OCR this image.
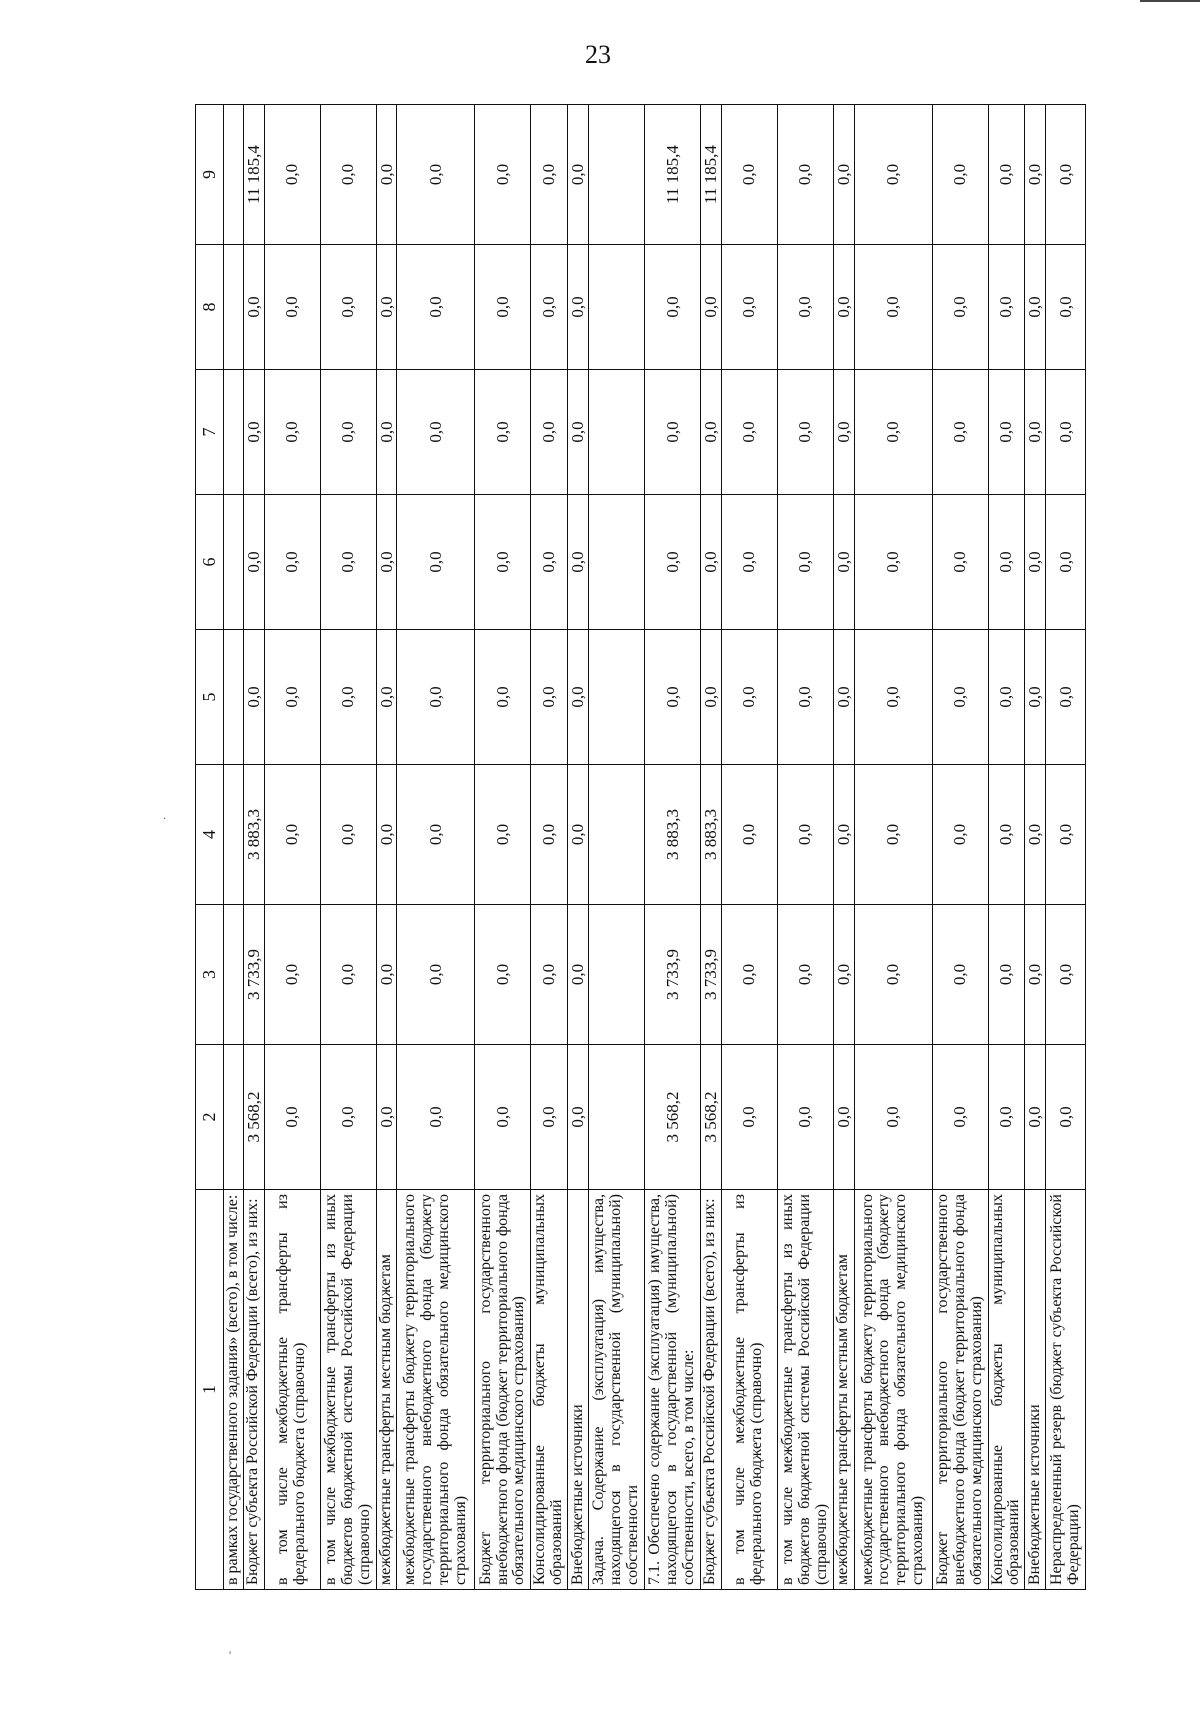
23
.
'
1	2	3	4	5	6	7	8	9
в рамках государственного задания» (всего), в том числе:								
Бюджет субъекта Российской Федерации (всего), из них:	3 568,2	3 733,9	3 883,3	0,0	0,0	0,0	0,0	11 185,4
в том числе межбюджетные трансферты из федерального бюджета (справочно)	0,0	0,0	0,0	0,0	0,0	0,0	0,0	0,0
в том числе межбюджетные трансферты из иных бюджетов бюджетной системы Российской Федерации (справочно)	0,0	0,0	0,0	0,0	0,0	0,0	0,0	0,0
межбюджетные трансферты местным бюджетам	0,0	0,0	0,0	0,0	0,0	0,0	0,0	0,0
межбюджетные трансферты бюджету территориального государственного внебюджетного фонда (бюджету территориального фонда обязательного медицинского страхования)	0,0	0,0	0,0	0,0	0,0	0,0	0,0	0,0
Бюджет территориального государственного внебюджетного фонда (бюджет территориального фонда обязательного медицинского страхования)	0,0	0,0	0,0	0,0	0,0	0,0	0,0	0,0
Консолидированные бюджеты муниципальных образований	0,0	0,0	0,0	0,0	0,0	0,0	0,0	0,0
Внебюджетные источники	0,0	0,0	0,0	0,0	0,0	0,0	0,0	0,0
Задача. Содержание (эксплуатация) имущества, находящегося в государственной (муниципальной) собственности								
7.1. Обеспечено содержание (эксплуатация) имущества, находящегося в государственной (муниципальной) собственности, всего, в том числе:	3 568,2	3 733,9	3 883,3	0,0	0,0	0,0	0,0	11 185,4
Бюджет субъекта Российской Федерации (всего), из них:	3 568,2	3 733,9	3 883,3	0,0	0,0	0,0	0,0	11 185,4
в том числе межбюджетные трансферты из федерального бюджета (справочно)	0,0	0,0	0,0	0,0	0,0	0,0	0,0	0,0
в том числе межбюджетные трансферты из иных бюджетов бюджетной системы Российской Федерации (справочно)	0,0	0,0	0,0	0,0	0,0	0,0	0,0	0,0
межбюджетные трансферты местным бюджетам	0,0	0,0	0,0	0,0	0,0	0,0	0,0	0,0
межбюджетные трансферты бюджету территориального государственного внебюджетного фонда (бюджету территориального фонда обязательного медицинского страхования)	0,0	0,0	0,0	0,0	0,0	0,0	0,0	0,0
Бюджет территориального государственного внебюджетного фонда (бюджет территориального фонда обязательного медицинского страхования)	0,0	0,0	0,0	0,0	0,0	0,0	0,0	0,0
Консолидированные бюджеты муниципальных образований	0,0	0,0	0,0	0,0	0,0	0,0	0,0	0,0
Внебюджетные источники	0,0	0,0	0,0	0,0	0,0	0,0	0,0	0,0
Нераспределенный резерв (бюджет субъекта Российской Федерации)	0,0	0,0	0,0	0,0	0,0	0,0	0,0	0,0
